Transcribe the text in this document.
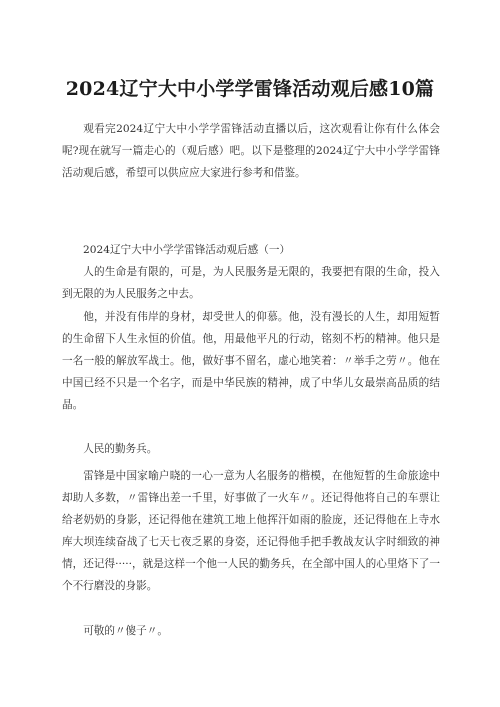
2024辽宁大中小学学雷锋活动观后感10篇

观看完2024辽宁大中小学学雷锋活动直播以后，这次观看让你有什么体会呢?现在就写一篇走心的（观后感）吧。以下是整理的2024辽宁大中小学学雷锋活动观后感，希望可以供应应大家进行参考和借鉴。

2024辽宁大中小学学雷锋活动观后感（一）

人的生命是有限的，可是，为人民服务是无限的，我要把有限的生命，投入到无限的为人民服务之中去。

他，并没有伟岸的身材，却受世人的仰慕。他，没有漫长的人生，却用短暂的生命留下人生永恒的价值。他，用最他平凡的行动，铭刻不朽的精神。他只是一名一般的解放军战士。他，做好事不留名，虚心地笑着：〃举手之劳〃。他在中国已经不只是一个名字，而是中华民族的精神，成了中华儿女最崇高品质的结晶。

人民的勤务兵。

雷锋是中国家喻户晓的一心一意为人名服务的楷模，在他短暂的生命旅途中却助人多数，〃雷锋出差一千里，好事做了一火车〃。还记得他将自己的车票让给老奶奶的身影，还记得他在建筑工地上他挥汗如雨的脸庞，还记得他在上寺水库大坝连续奋战了七天七夜乏累的身姿，还记得他手把手教战友认字时细致的神情，还记得·····，就是这样一个他一人民的勤务兵，在全部中国人的心里烙下了一个不行磨没的身影。

可敬的〃傻子〃。
